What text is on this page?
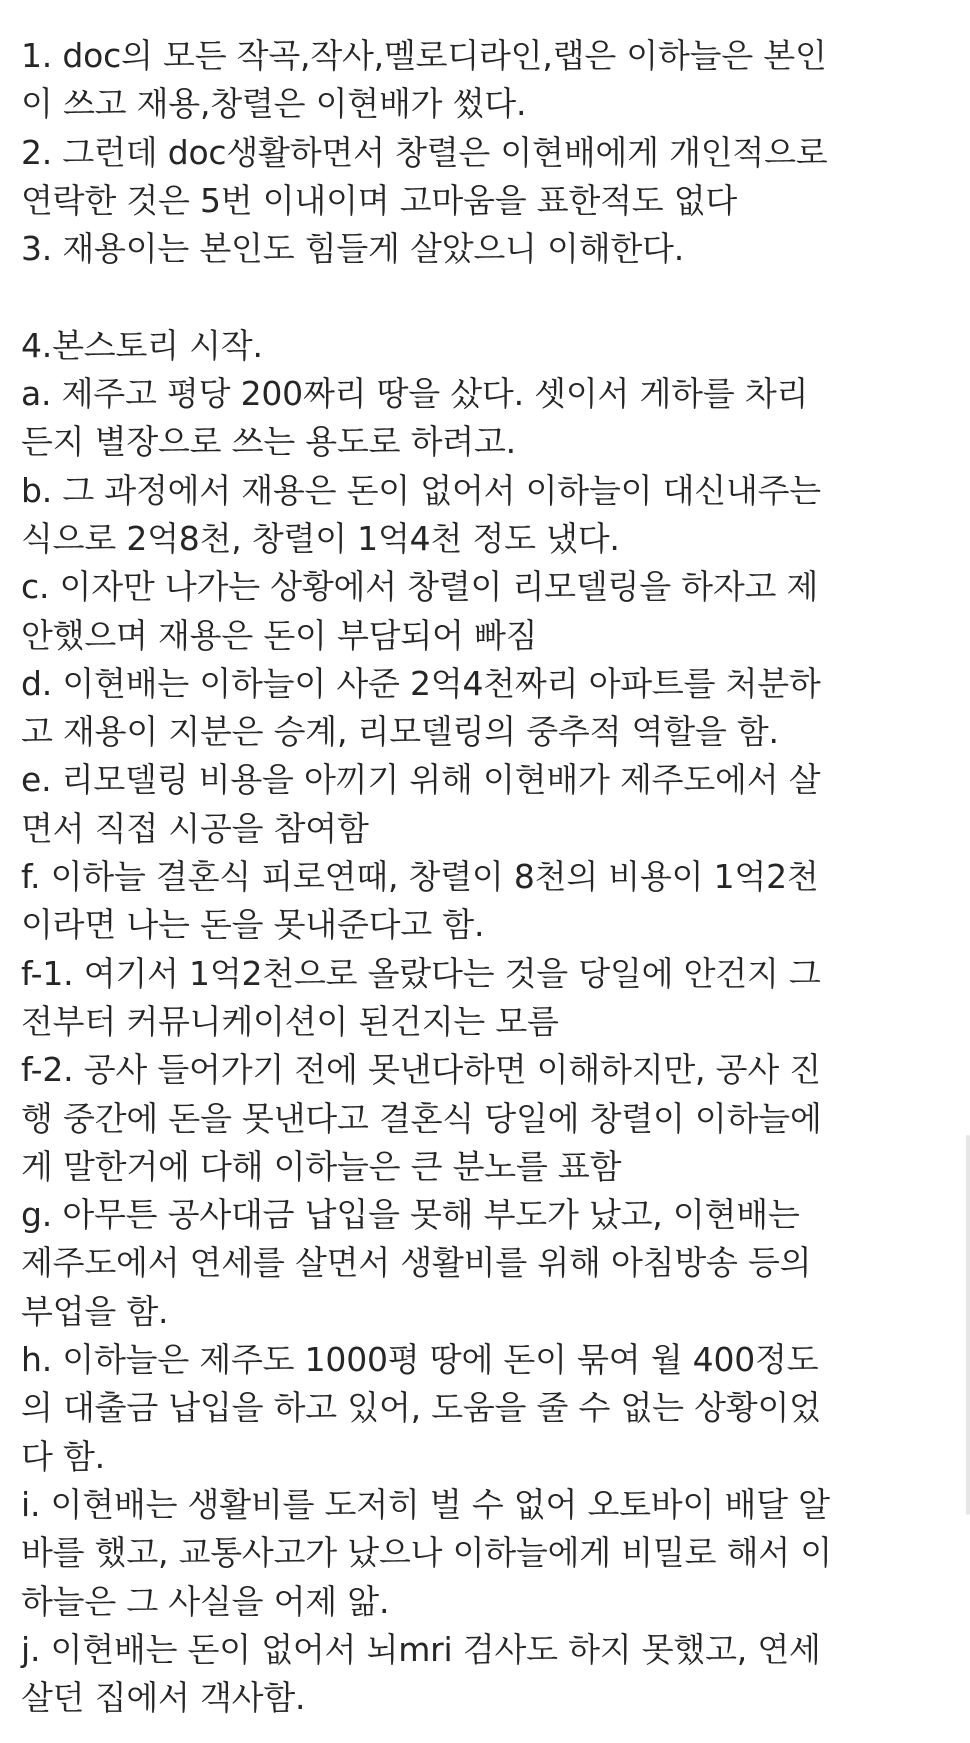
1. doc의 모든 작곡,작사,멜로디라인,랩은 이하늘은 본인
이 쓰고 재용,창렬은 이현배가 썼다.
2. 그런데 doc생활하면서 창렬은 이현배에게 개인적으로
연락한 것은 5번 이내이며 고마움을 표한적도 없다
3. 재용이는 본인도 힘들게 살았으니 이해한다.
4.본스토리 시작.
a. 제주고 평당 200짜리 땅을 샀다. 셋이서 게하를 차리
든지 별장으로 쓰는 용도로 하려고.
b. 그 과정에서 재용은 돈이 없어서 이하늘이 대신내주는
식으로 2억8천, 창렬이 1억4천 정도 냈다.
c. 이자만 나가는 상황에서 창렬이 리모델링을 하자고 제
안했으며 재용은 돈이 부담되어 빠짐
d. 이현배는 이하늘이 사준 2억4천짜리 아파트를 처분하
고 재용이 지분은 승계, 리모델링의 중추적 역할을 함.
e. 리모델링 비용을 아끼기 위해 이현배가 제주도에서 살
면서 직접 시공을 참여함
f. 이하늘 결혼식 피로연때, 창렬이 8천의 비용이 1억2천
이라면 나는 돈을 못내준다고 함.
f-1. 여기서 1억2천으로 올랐다는 것을 당일에 안건지 그
전부터 커뮤니케이션이 된건지는 모름
f-2. 공사 들어가기 전에 못낸다하면 이해하지만, 공사 진
행 중간에 돈을 못낸다고 결혼식 당일에 창렬이 이하늘에
게 말한거에 다해 이하늘은 큰 분노를 표함
g. 아무튼 공사대금 납입을 못해 부도가 났고, 이현배는
제주도에서 연세를 살면서 생활비를 위해 아침방송 등의
부업을 함.
h. 이하늘은 제주도 1000평 땅에 돈이 묶여 월 400정도
의 대출금 납입을 하고 있어, 도움을 줄 수 없는 상황이었
다 함.
i. 이현배는 생활비를 도저히 벌 수 없어 오토바이 배달 알
바를 했고, 교통사고가 났으나 이하늘에게 비밀로 해서 이
하늘은 그 사실을 어제 앎.
j. 이현배는 돈이 없어서 뇌mri 검사도 하지 못했고, 연세
살던 집에서 객사함.
